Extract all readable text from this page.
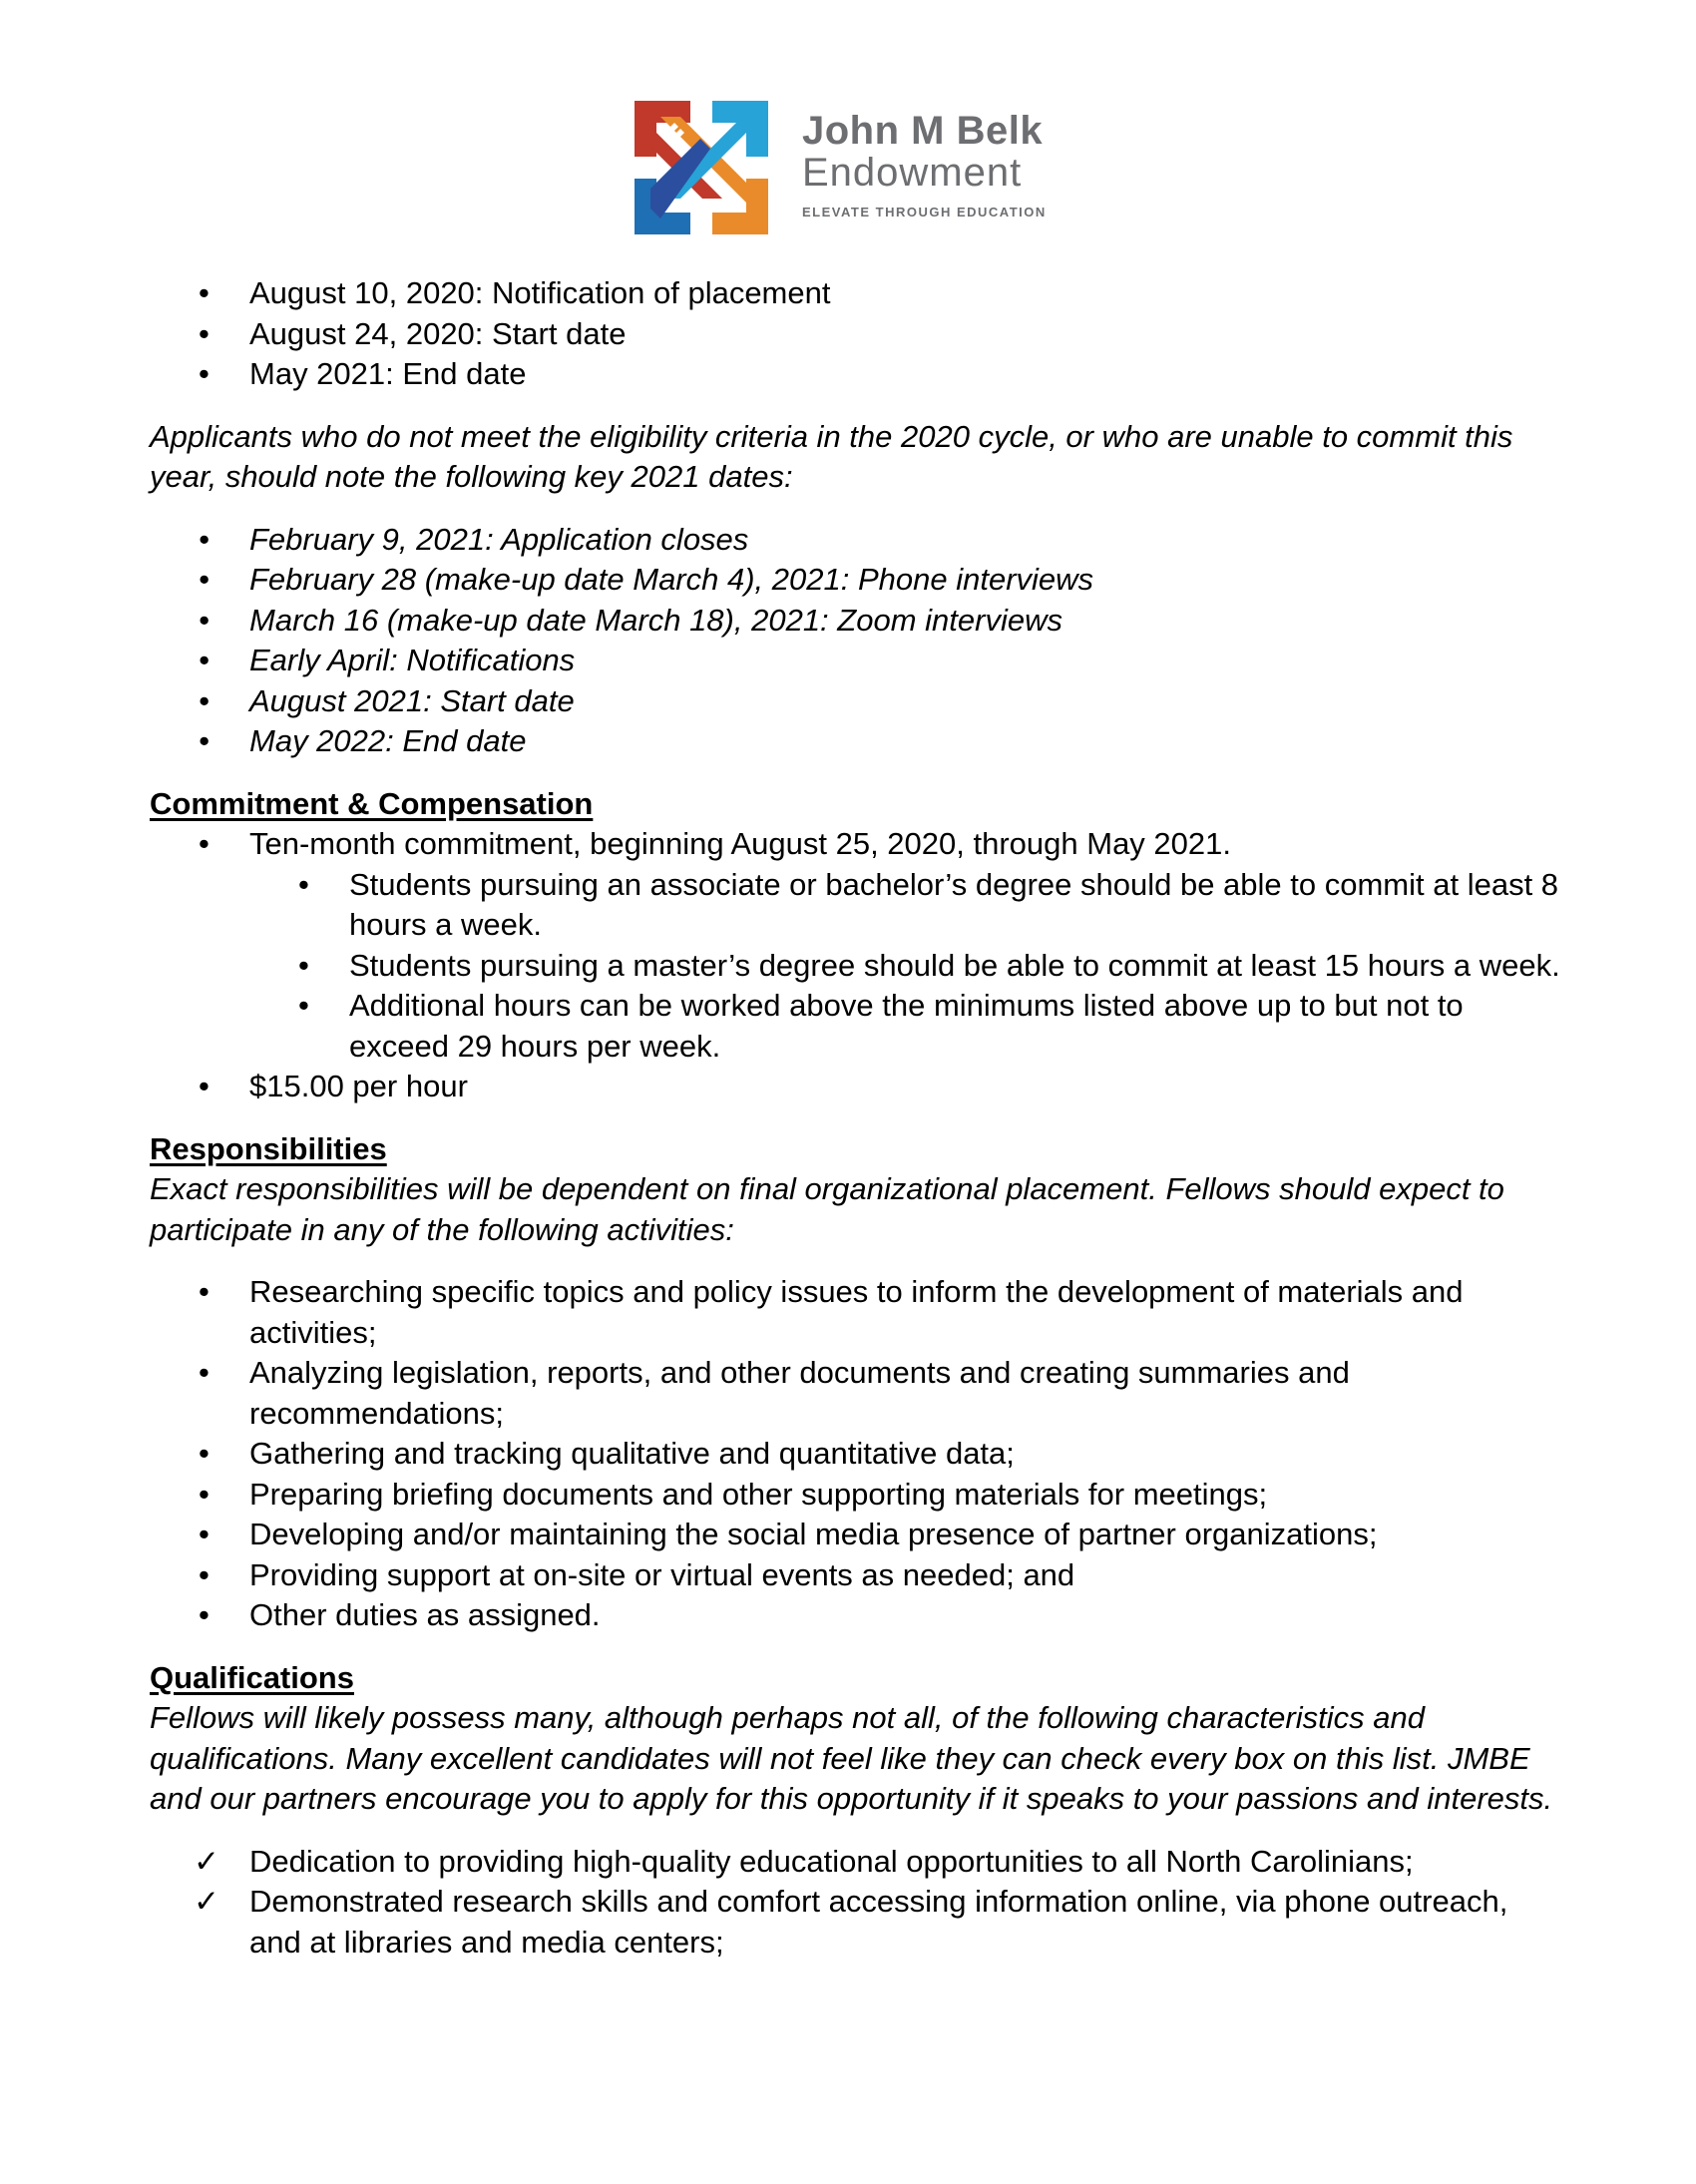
John M Belk
Endowment
ELEVATE THROUGH EDUCATION
• August 10, 2020: Notification of placement
• August 24, 2020: Start date
• May 2021: End date

Applicants who do not meet the eligibility criteria in the 2020 cycle, or who are unable to commit this year, should note the following key 2021 dates:

• February 9, 2021: Application closes
• February 28 (make-up date March 4), 2021: Phone interviews
• March 16 (make-up date March 18), 2021: Zoom interviews
• Early April: Notifications
• August 2021: Start date
• May 2022: End date
Commitment & Compensation
• Ten-month commitment, beginning August 25, 2020, through May 2021.
• Students pursuing an associate or bachelor’s degree should be able to commit at least 8 hours a week.
• Students pursuing a master’s degree should be able to commit at least 15 hours a week.
• Additional hours can be worked above the minimums listed above up to but not to exceed 29 hours per week.
• $15.00 per hour
Responsibilities

Exact responsibilities will be dependent on final organizational placement. Fellows should expect to participate in any of the following activities:

• Researching specific topics and policy issues to inform the development of materials and activities;
• Analyzing legislation, reports, and other documents and creating summaries and recommendations;
• Gathering and tracking qualitative and quantitative data;
• Preparing briefing documents and other supporting materials for meetings;
• Developing and/or maintaining the social media presence of partner organizations;
• Providing support at on-site or virtual events as needed; and
• Other duties as assigned.
Qualifications

Fellows will likely possess many, although perhaps not all, of the following characteristics and qualifications. Many excellent candidates will not feel like they can check every box on this list. JMBE and our partners encourage you to apply for this opportunity if it speaks to your passions and interests.

✓ Dedication to providing high-quality educational opportunities to all North Carolinians;
✓ Demonstrated research skills and comfort accessing information online, via phone outreach, and at libraries and media centers;
